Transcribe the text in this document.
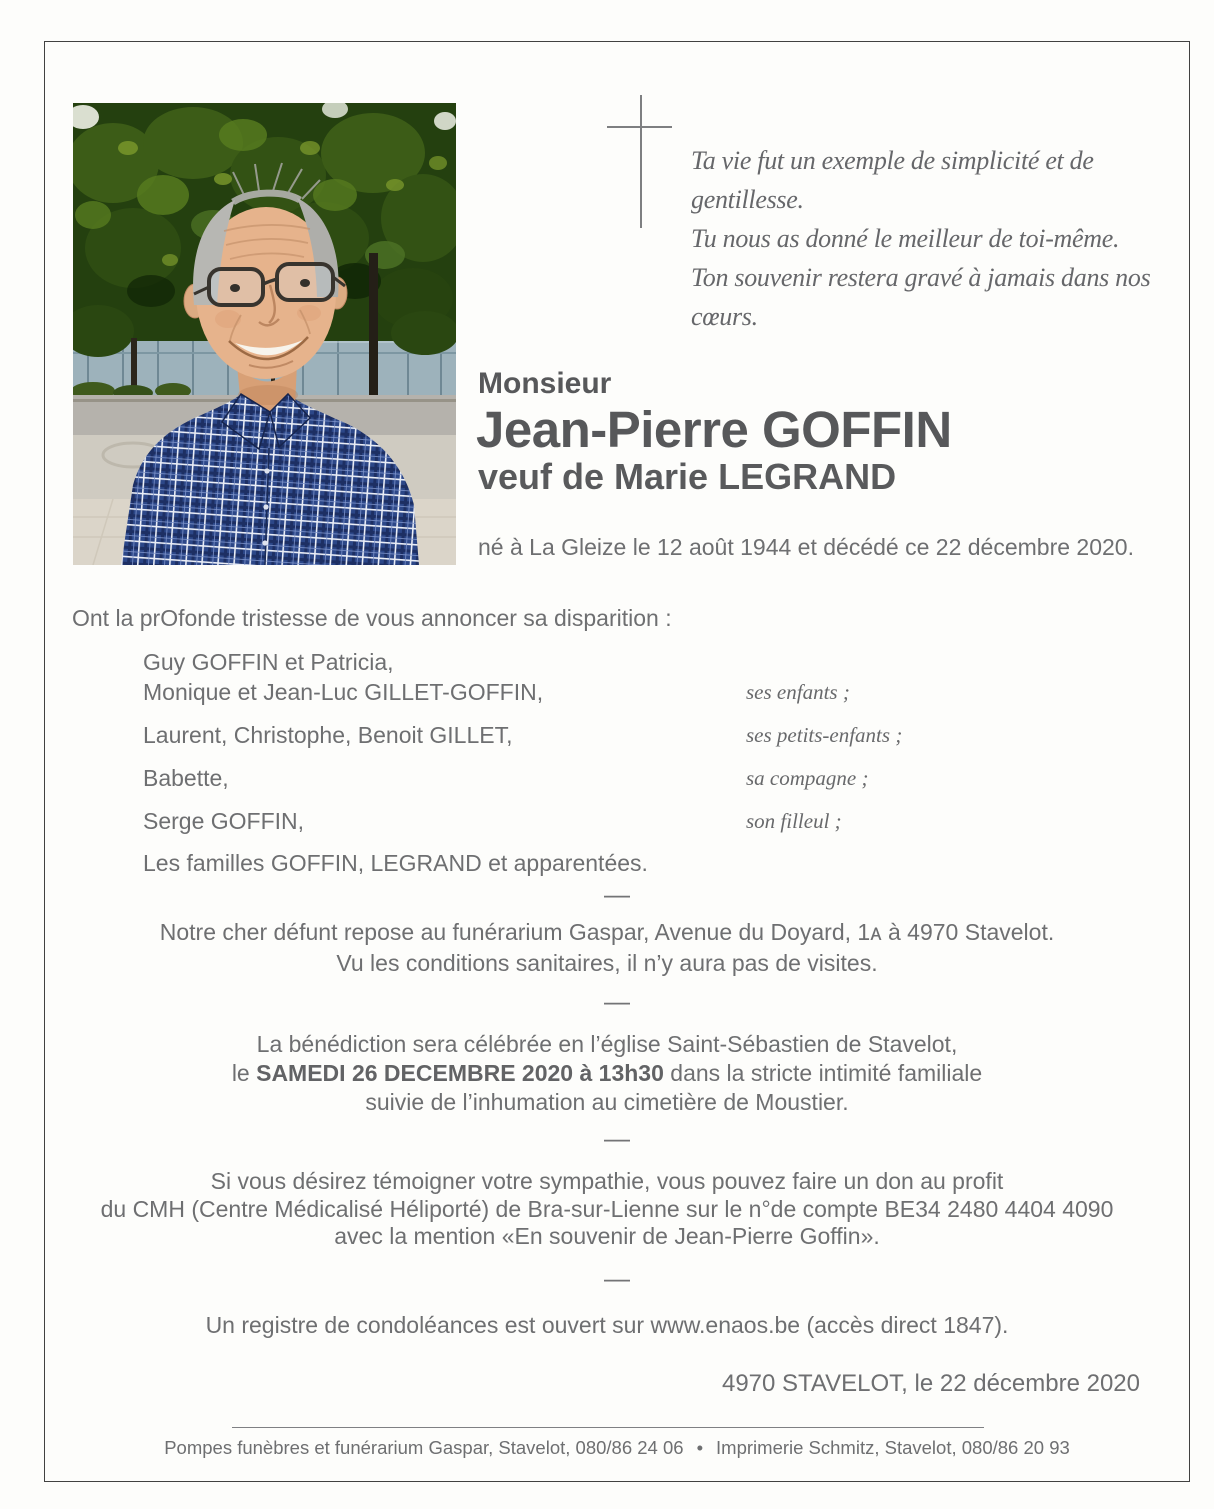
Ta vie fut un exemple de simplicité et de gentillesse.

Tu nous as donné le meilleur de toi-même.

Ton souvenir restera gravé à jamais dans nos cœurs.

Monsieur

Jean-Pierre GOFFIN

veuf de Marie LEGRAND

né à La Gleize le 12 août 1944 et décédé ce 22 décembre 2020.

Ont la prOfonde tristesse de vous annoncer sa disparition :

Guy GOFFIN et Patricia,
Monique et Jean-Luc GILLET-GOFFIN,	ses enfants ;
Laurent, Christophe, Benoit GILLET,	ses petits-enfants ;
Babette,	sa compagne ;
Serge GOFFIN,	son filleul ;
Les familles GOFFIN, LEGRAND et apparentées.
—
—
—
—

Notre cher défunt repose au funérarium Gaspar, Avenue du Doyard, 1ᴀ à 4970 Stavelot.

Vu les conditions sanitaires, il n’y aura pas de visites.

La bénédiction sera célébrée en l’église Saint-Sébastien de Stavelot,

le SAMEDI 26 DECEMBRE 2020 à 13h30 dans la stricte intimité familiale

suivie de l’inhumation au cimetière de Moustier.

Si vous désirez témoigner votre sympathie, vous pouvez faire un don au profit

du CMH (Centre Médicalisé Héliporté) de Bra-sur-Lienne sur le n°de compte BE34 2480 4404 4090

avec la mention «En souvenir de Jean-Pierre Goffin».

Un registre de condoléances est ouvert sur www.enaos.be (accès direct 1847).

4970 STAVELOT, le 22 décembre 2020

Pompes funèbres et funérarium Gaspar, Stavelot, 080/86 24 06 • Imprimerie Schmitz, Stavelot, 080/86 20 93
